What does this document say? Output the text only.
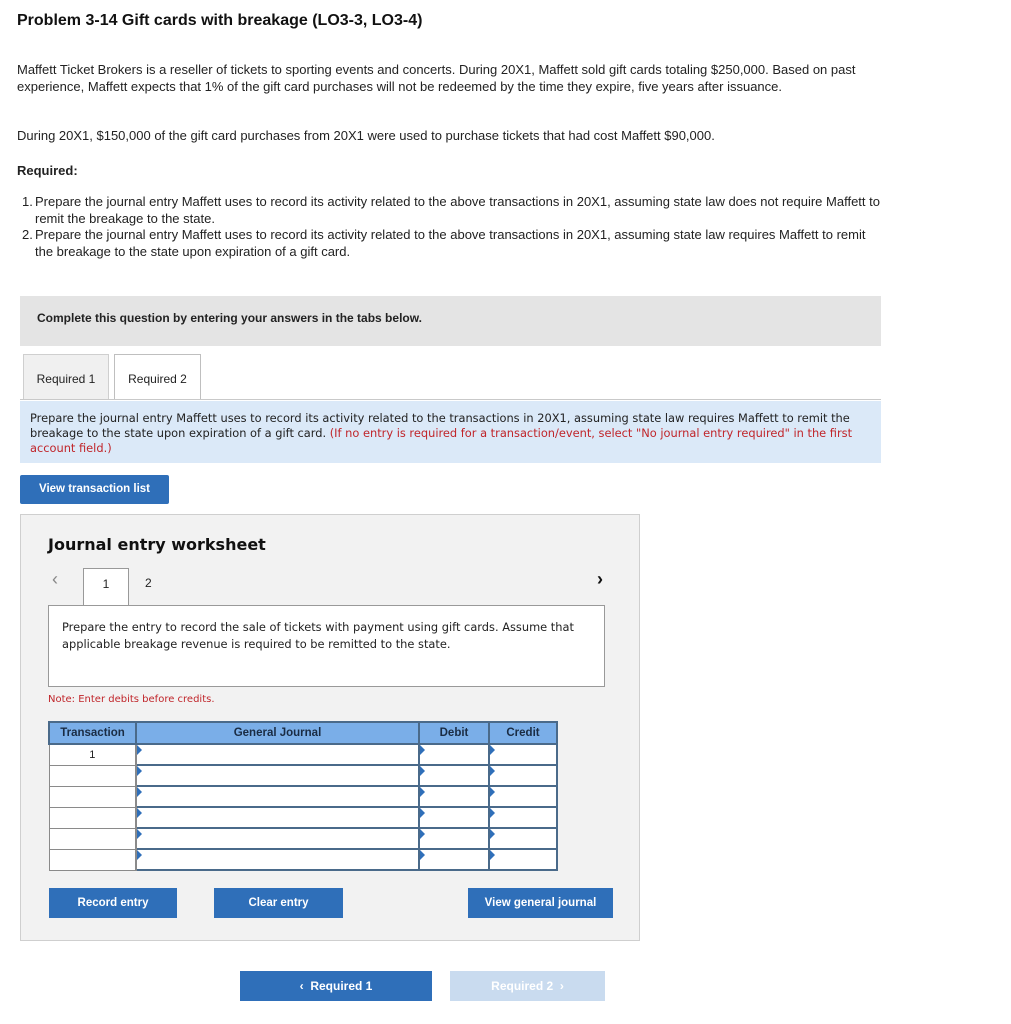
Problem 3-14 Gift cards with breakage (LO3-3, LO3-4)

Maffett Ticket Brokers is a reseller of tickets to sporting events and concerts. During 20X1, Maffett sold gift cards totaling $250,000. Based on past experience, Maffett expects that 1% of the gift card purchases will not be redeemed by the time they expire, five years after issuance.

During 20X1, $150,000 of the gift card purchases from 20X1 were used to purchase tickets that had cost Maffett $90,000.

Required:
1. Prepare the journal entry Maffett uses to record its activity related to the above transactions in 20X1, assuming state law does not require Maffett to remit the breakage to the state.
2. Prepare the journal entry Maffett uses to record its activity related to the above transactions in 20X1, assuming state law requires Maffett to remit the breakage to the state upon expiration of a gift card.
Complete this question by entering your answers in the tabs below.
Required 1	Required 2
Prepare the journal entry Maffett uses to record its activity related to the transactions in 20X1, assuming state law requires Maffett to remit the breakage to the state upon expiration of a gift card. (If no entry is required for a transaction/event, select "No journal entry required" in the first account field.)
View transaction list
Journal entry worksheet
‹	1	2	›
Prepare the entry to record the sale of tickets with payment using gift cards. Assume that applicable breakage revenue is required to be remitted to the state.
Note: Enter debits before credits.
Transaction	General Journal	Debit	Credit
1			

Record entry	Clear entry	View general journal
‹  Required 1	Required 2  ›
